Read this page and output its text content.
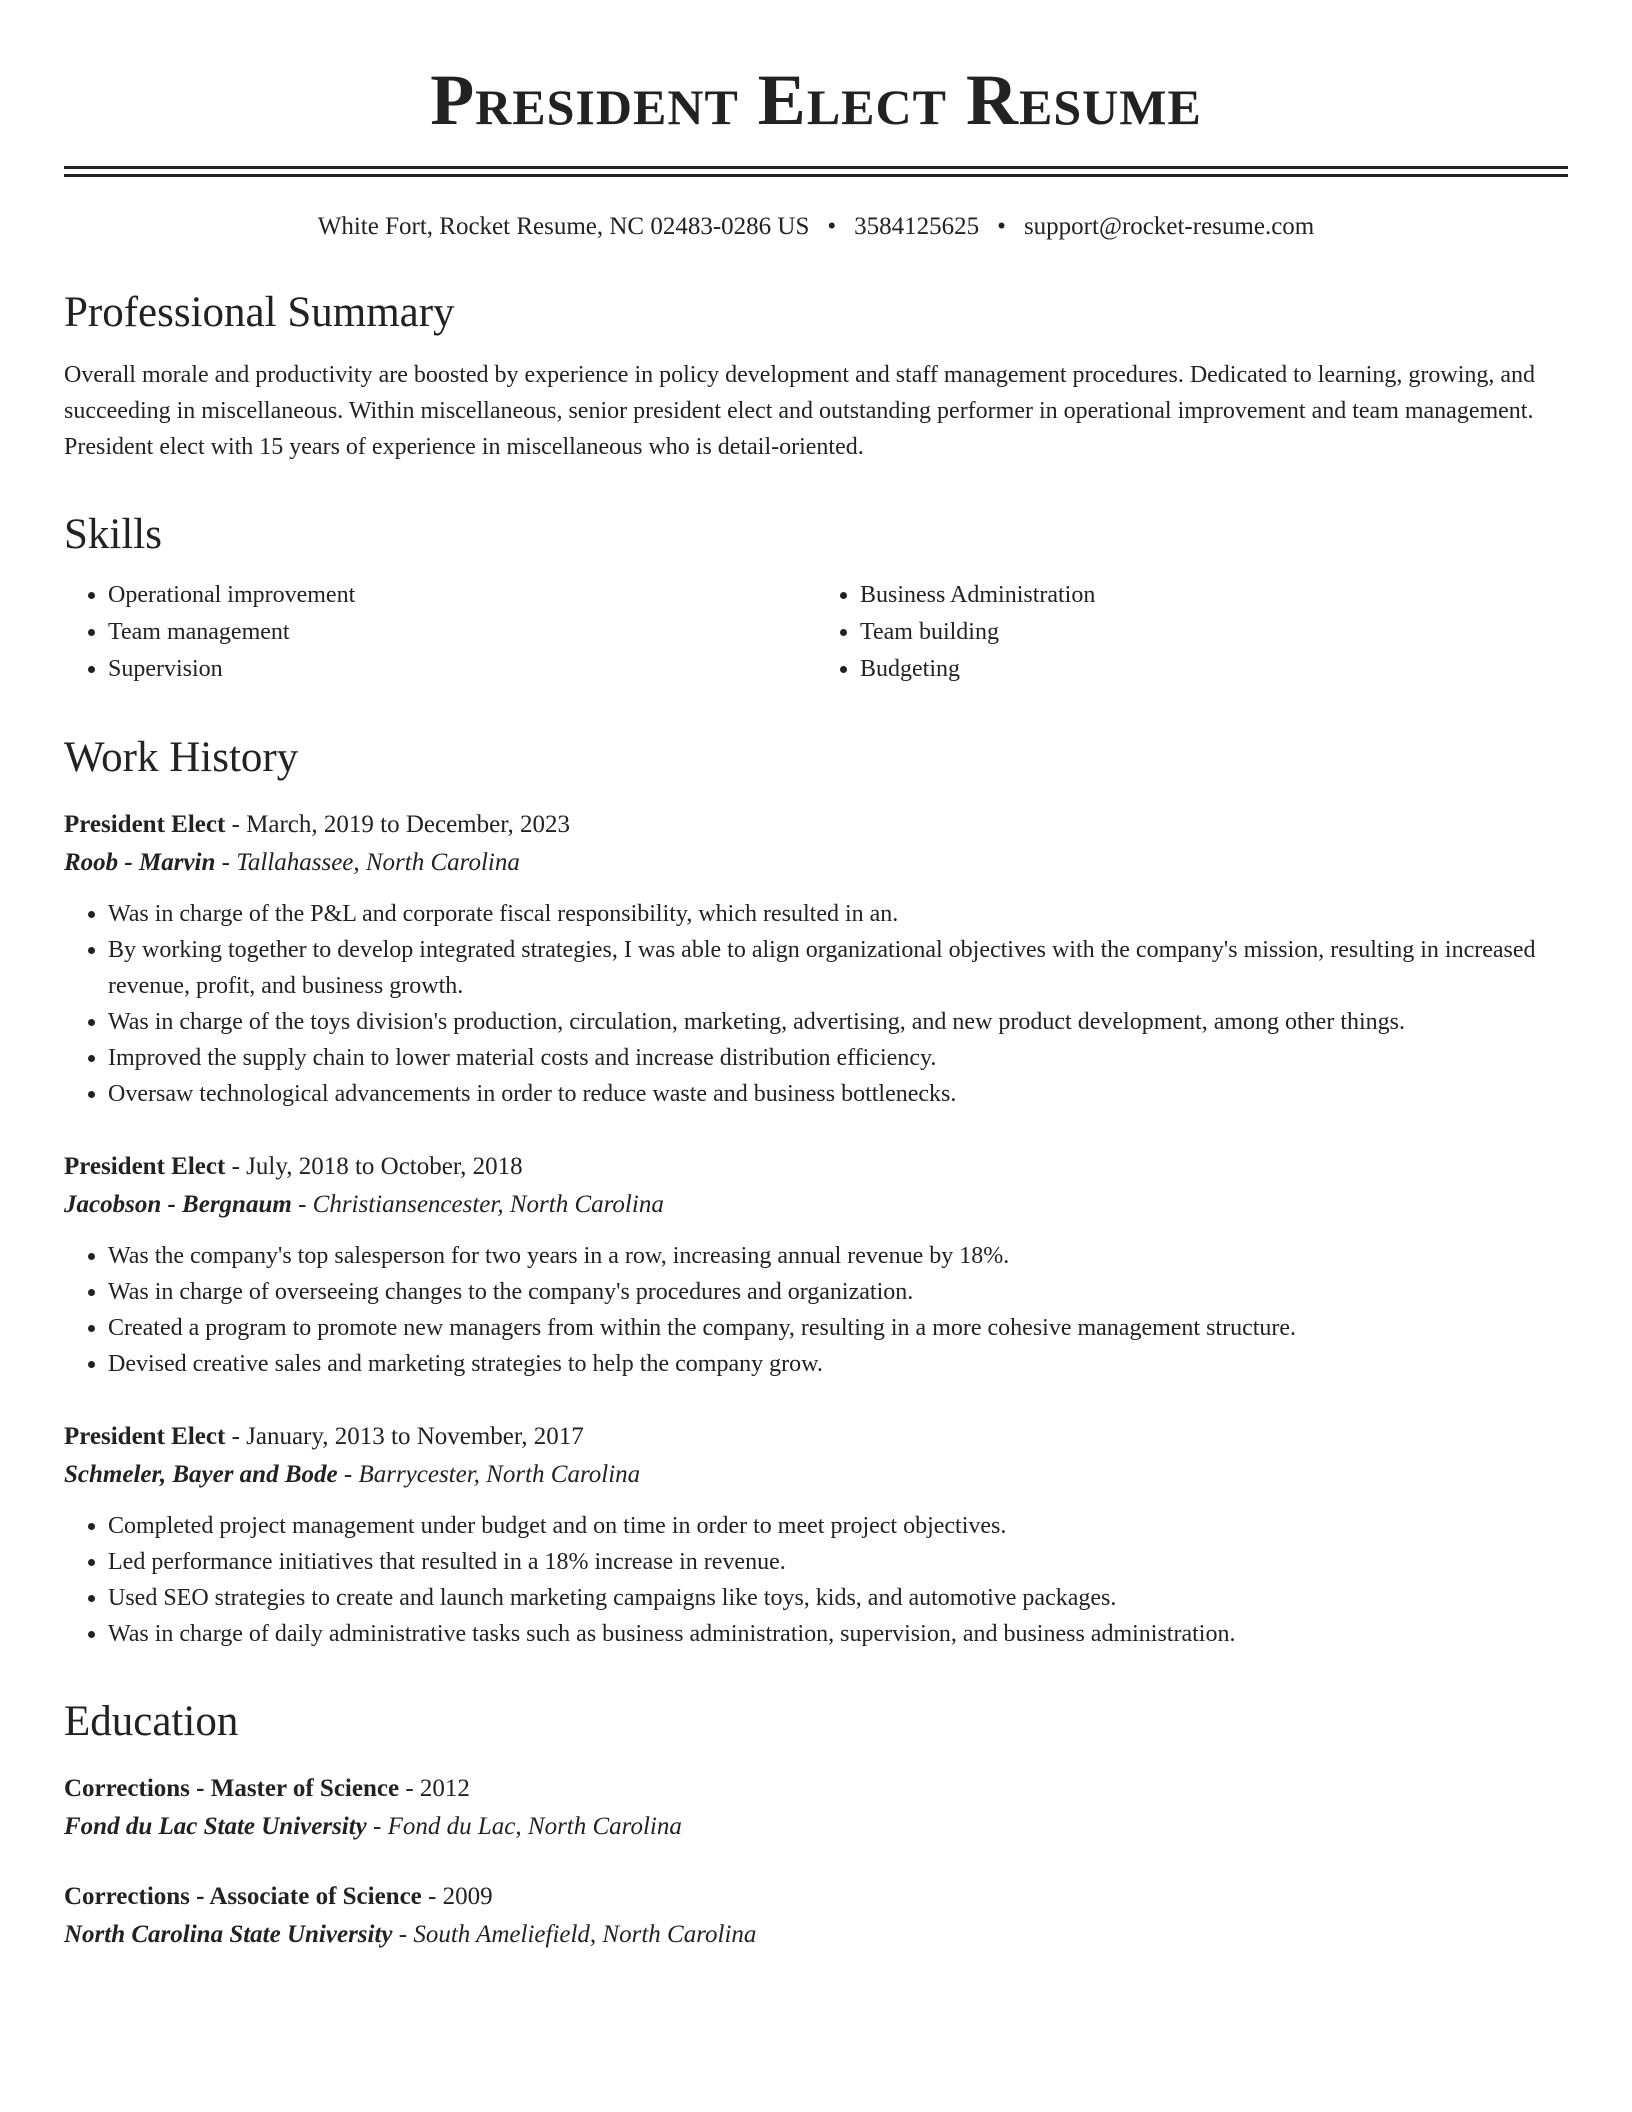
President Elect Resume
White Fort, Rocket Resume, NC 02483-0286 US • 3584125625 • support@rocket-resume.com
Professional Summary

Overall morale and productivity are boosted by experience in policy development and staff management procedures. Dedicated to learning, growing, and succeeding in miscellaneous. Within miscellaneous, senior president elect and outstanding performer in operational improvement and team management. President elect with 15 years of experience in miscellaneous who is detail-oriented.

Skills
• Operational improvement
• Team management
• Supervision
• Business Administration
• Team building
• Budgeting
Work History
President Elect - March, 2019 to December, 2023
Roob - Marvin - Tallahassee, North Carolina
• Was in charge of the P&L and corporate fiscal responsibility, which resulted in an.
• By working together to develop integrated strategies, I was able to align organizational objectives with the company's mission, resulting in increased revenue, profit, and business growth.
• Was in charge of the toys division's production, circulation, marketing, advertising, and new product development, among other things.
• Improved the supply chain to lower material costs and increase distribution efficiency.
• Oversaw technological advancements in order to reduce waste and business bottlenecks.
President Elect - July, 2018 to October, 2018
Jacobson - Bergnaum - Christiansencester, North Carolina
• Was the company's top salesperson for two years in a row, increasing annual revenue by 18%.
• Was in charge of overseeing changes to the company's procedures and organization.
• Created a program to promote new managers from within the company, resulting in a more cohesive management structure.
• Devised creative sales and marketing strategies to help the company grow.
President Elect - January, 2013 to November, 2017
Schmeler, Bayer and Bode - Barrycester, North Carolina
• Completed project management under budget and on time in order to meet project objectives.
• Led performance initiatives that resulted in a 18% increase in revenue.
• Used SEO strategies to create and launch marketing campaigns like toys, kids, and automotive packages.
• Was in charge of daily administrative tasks such as business administration, supervision, and business administration.
Education
Corrections - Master of Science - 2012
Fond du Lac State University - Fond du Lac, North Carolina
Corrections - Associate of Science - 2009
North Carolina State University - South Ameliefield, North Carolina
